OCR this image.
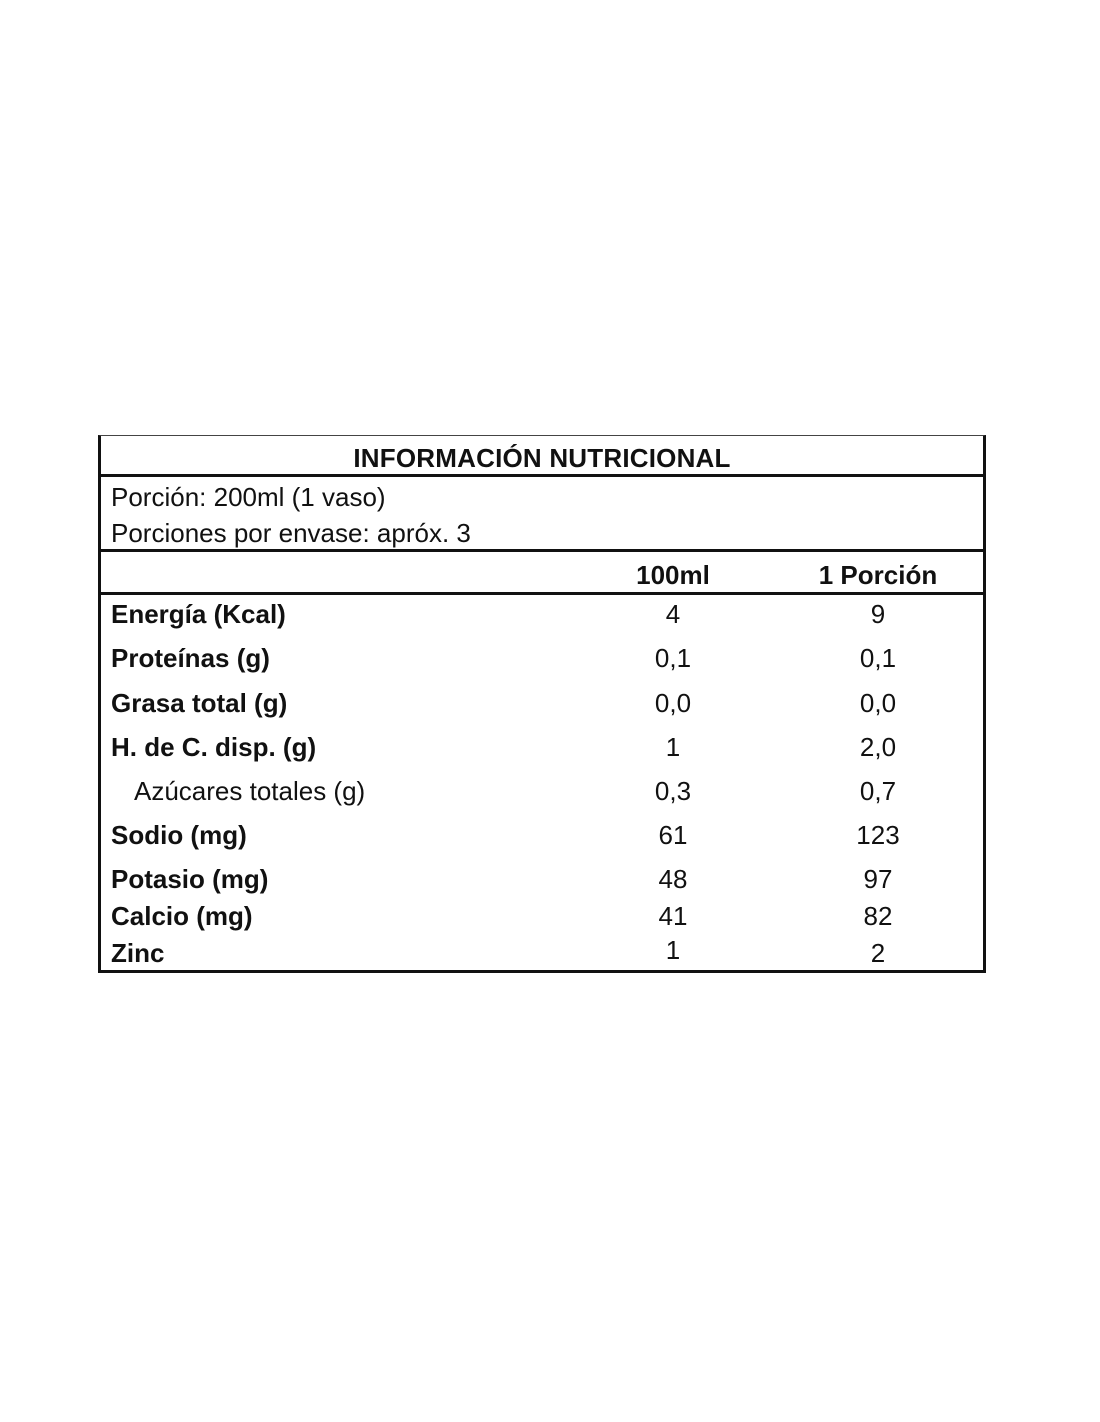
INFORMACIÓN NUTRICIONAL
Porción: 200ml (1 vaso)
Porciones por envase: apróx. 3
100ml	1 Porción
Energía (Kcal)	4	9
Proteínas (g)	0,1	0,1
Grasa total (g)	0,0	0,0
H. de C. disp. (g)	1	2,0
Azúcares totales (g)	0,3	0,7
Sodio (mg)	61	123
Potasio (mg)	48	97
Calcio (mg)	41	82
Zinc	1	2
